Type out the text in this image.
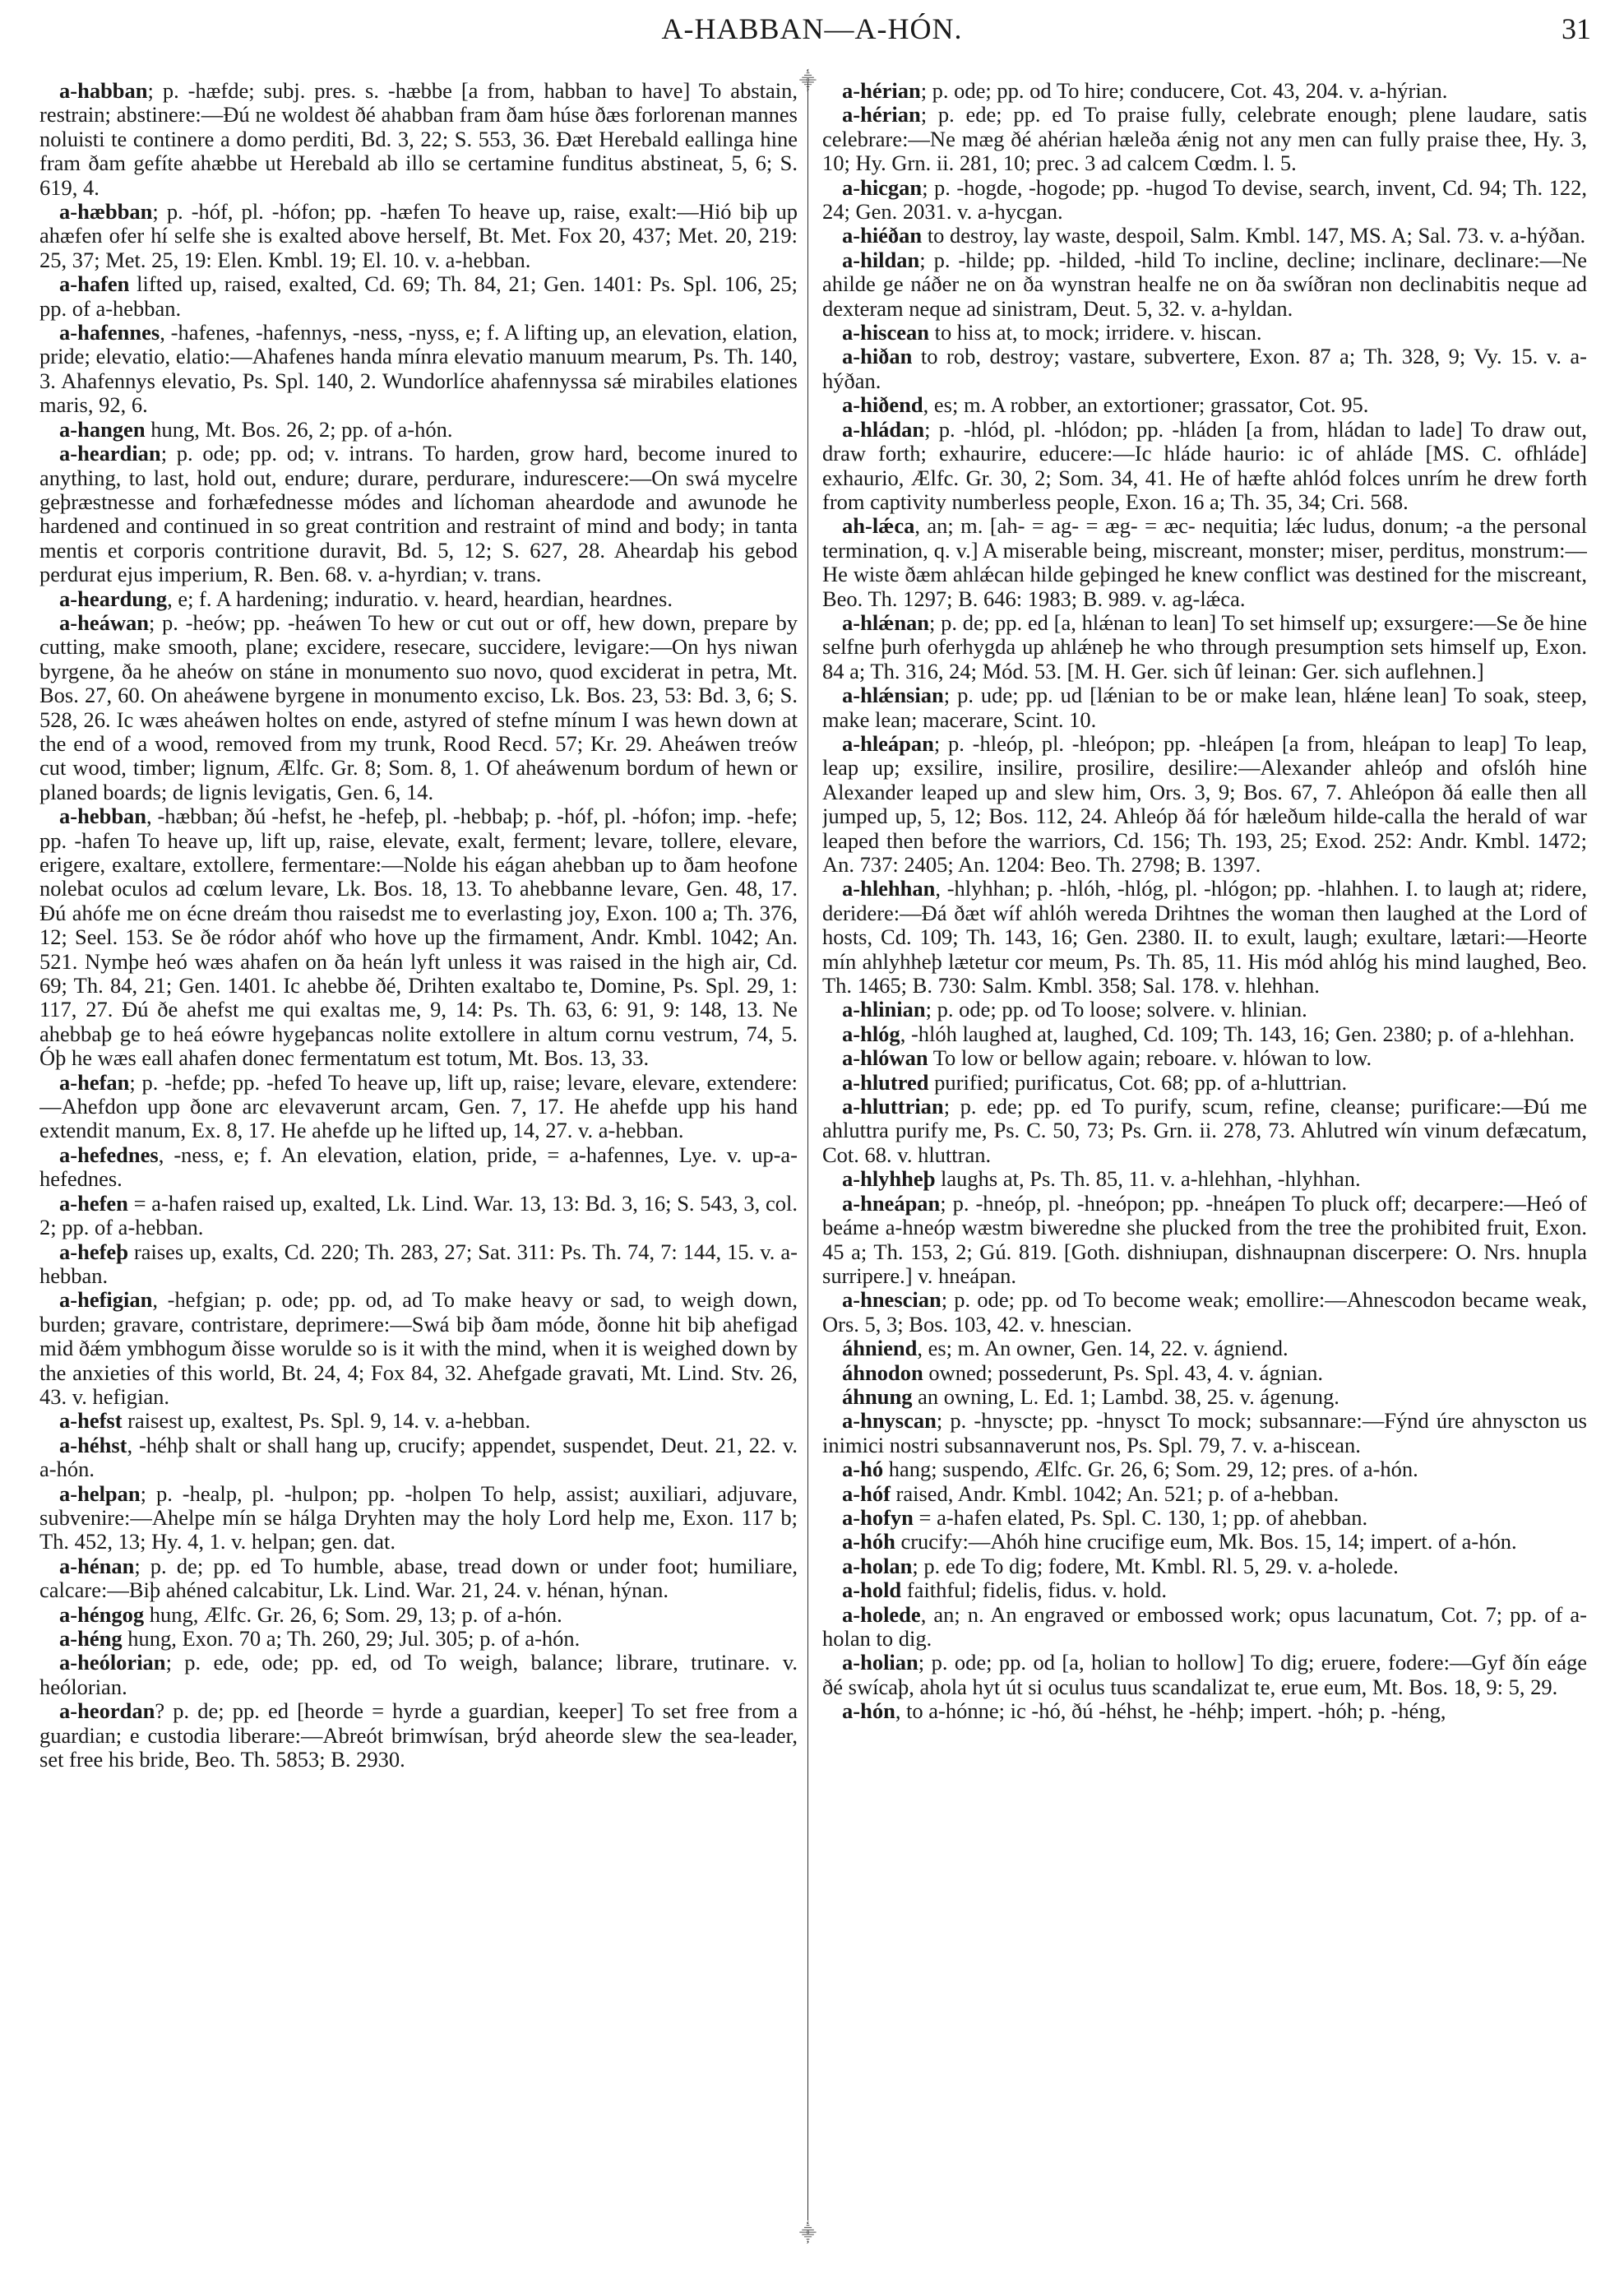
A-HABBAN—A-HÓN.	31

a-habban; p. -hæfde; subj. pres. s. -hæbbe [a from, habban to have] To abstain, restrain; abstinere:—Ðú ne woldest ðé ahabban fram ðam húse ðæs forlorenan mannes noluisti te continere a domo perditi, Bd. 3, 22; S. 553, 36. Ðæt Herebald eallinga hine fram ðam gefíte ahæbbe ut Herebald ab illo se certamine funditus abstineat, 5, 6; S. 619, 4.

a-hæbban; p. -hóf, pl. -hófon; pp. -hæfen To heave up, raise, exalt:—Hió biþ up ahæfen ofer hí selfe she is exalted above herself, Bt. Met. Fox 20, 437; Met. 20, 219: 25, 37; Met. 25, 19: Elen. Kmbl. 19; El. 10. v. a-hebban.

a-hafen lifted up, raised, exalted, Cd. 69; Th. 84, 21; Gen. 1401: Ps. Spl. 106, 25; pp. of a-hebban.

a-hafennes, -hafenes, -hafennys, -ness, -nyss, e; f. A lifting up, an elevation, elation, pride; elevatio, elatio:—Ahafenes handa mínra elevatio manuum mearum, Ps. Th. 140, 3. Ahafennys elevatio, Ps. Spl. 140, 2. Wundorlíce ahafennyssa sǽ mirabiles elationes maris, 92, 6.

a-hangen hung, Mt. Bos. 26, 2; pp. of a-hón.

a-heardian; p. ode; pp. od; v. intrans. To harden, grow hard, become inured to anything, to last, hold out, endure; durare, perdurare, indurescere:—On swá mycelre geþræstnesse and forhæfednesse módes and líchoman aheardode and awunode he hardened and continued in so great contrition and restraint of mind and body; in tanta mentis et corporis contritione duravit, Bd. 5, 12; S. 627, 28. Aheardaþ his gebod perdurat ejus imperium, R. Ben. 68. v. a-hyrdian; v. trans.

a-heardung, e; f. A hardening; induratio. v. heard, heardian, heardnes.

a-heáwan; p. -heów; pp. -heáwen To hew or cut out or off, hew down, prepare by cutting, make smooth, plane; excidere, resecare, succidere, levigare:—On hys niwan byrgene, ða he aheów on stáne in monumento suo novo, quod exciderat in petra, Mt. Bos. 27, 60. On aheáwene byrgene in monumento exciso, Lk. Bos. 23, 53: Bd. 3, 6; S. 528, 26. Ic wæs aheáwen holtes on ende, astyred of stefne mínum I was hewn down at the end of a wood, removed from my trunk, Rood Recd. 57; Kr. 29. Aheáwen treów cut wood, timber; lignum, Ælfc. Gr. 8; Som. 8, 1. Of aheáwenum bordum of hewn or planed boards; de lignis levigatis, Gen. 6, 14.

a-hebban, -hæbban; ðú -hefst, he -hefeþ, pl. -hebbaþ; p. -hóf, pl. -hófon; imp. -hefe; pp. -hafen To heave up, lift up, raise, elevate, exalt, ferment; levare, tollere, elevare, erigere, exaltare, extollere, fermentare:—Nolde his eágan ahebban up to ðam heofone nolebat oculos ad cœlum levare, Lk. Bos. 18, 13. To ahebbanne levare, Gen. 48, 17. Ðú ahófe me on écne dreám thou raisedst me to everlasting joy, Exon. 100 a; Th. 376, 12; Seel. 153. Se ðe ródor ahóf who hove up the firmament, Andr. Kmbl. 1042; An. 521. Nymþe heó wæs ahafen on ða heán lyft unless it was raised in the high air, Cd. 69; Th. 84, 21; Gen. 1401. Ic ahebbe ðé, Drihten exaltabo te, Domine, Ps. Spl. 29, 1: 117, 27. Ðú ðe ahefst me qui exaltas me, 9, 14: Ps. Th. 63, 6: 91, 9: 148, 13. Ne ahebbaþ ge to heá eówre hygeþancas nolite extollere in altum cornu vestrum, 74, 5. Óþ he wæs eall ahafen donec fermentatum est totum, Mt. Bos. 13, 33.

a-hefan; p. -hefde; pp. -hefed To heave up, lift up, raise; levare, elevare, extendere:—Ahefdon upp ðone arc elevaverunt arcam, Gen. 7, 17. He ahefde upp his hand extendit manum, Ex. 8, 17. He ahefde up he lifted up, 14, 27. v. a-hebban.

a-hefednes, -ness, e; f. An elevation, elation, pride, = a-hafennes, Lye. v. up-a-hefednes.

a-hefen = a-hafen raised up, exalted, Lk. Lind. War. 13, 13: Bd. 3, 16; S. 543, 3, col. 2; pp. of a-hebban.

a-hefeþ raises up, exalts, Cd. 220; Th. 283, 27; Sat. 311: Ps. Th. 74, 7: 144, 15. v. a-hebban.

a-hefigian, -hefgian; p. ode; pp. od, ad To make heavy or sad, to weigh down, burden; gravare, contristare, deprimere:—Swá biþ ðam móde, ðonne hit biþ ahefigad mid ðǽm ymbhogum ðisse worulde so is it with the mind, when it is weighed down by the anxieties of this world, Bt. 24, 4; Fox 84, 32. Ahefgade gravati, Mt. Lind. Stv. 26, 43. v. hefigian.

a-hefst raisest up, exaltest, Ps. Spl. 9, 14. v. a-hebban.

a-héhst, -héhþ shalt or shall hang up, crucify; appendet, suspendet, Deut. 21, 22. v. a-hón.

a-helpan; p. -healp, pl. -hulpon; pp. -holpen To help, assist; auxiliari, adjuvare, subvenire:—Ahelpe mín se hálga Dryhten may the holy Lord help me, Exon. 117 b; Th. 452, 13; Hy. 4, 1. v. helpan; gen. dat.

a-hénan; p. de; pp. ed To humble, abase, tread down or under foot; humiliare, calcare:—Biþ ahéned calcabitur, Lk. Lind. War. 21, 24. v. hénan, hýnan.

a-héngog hung, Ælfc. Gr. 26, 6; Som. 29, 13; p. of a-hón.

a-héng hung, Exon. 70 a; Th. 260, 29; Jul. 305; p. of a-hón.

a-heólorian; p. ede, ode; pp. ed, od To weigh, balance; librare, trutinare. v. heólorian.

a-heordan? p. de; pp. ed [heorde = hyrde a guardian, keeper] To set free from a guardian; e custodia liberare:—Abreót brimwísan, brýd aheorde slew the sea-leader, set free his bride, Beo. Th. 5853; B. 2930.

⸎
⸎

a-hérian; p. ode; pp. od To hire; conducere, Cot. 43, 204. v. a-hýrian.

a-hérian; p. ede; pp. ed To praise fully, celebrate enough; plene laudare, satis celebrare:—Ne mæg ðé ahérian hæleða ǽnig not any men can fully praise thee, Hy. 3, 10; Hy. Grn. ii. 281, 10; prec. 3 ad calcem Cœdm. l. 5.

a-hicgan; p. -hogde, -hogode; pp. -hugod To devise, search, invent, Cd. 94; Th. 122, 24; Gen. 2031. v. a-hycgan.

a-hiéðan to destroy, lay waste, despoil, Salm. Kmbl. 147, MS. A; Sal. 73. v. a-hýðan.

a-hildan; p. -hilde; pp. -hilded, -hild To incline, decline; inclinare, declinare:—Ne ahilde ge náðer ne on ða wynstran healfe ne on ða swíðran non declinabitis neque ad dexteram neque ad sinistram, Deut. 5, 32. v. a-hyldan.

a-hiscean to hiss at, to mock; irridere. v. hiscan.

a-hiðan to rob, destroy; vastare, subvertere, Exon. 87 a; Th. 328, 9; Vy. 15. v. a-hýðan.

a-hiðend, es; m. A robber, an extortioner; grassator, Cot. 95.

a-hládan; p. -hlód, pl. -hlódon; pp. -hláden [a from, hládan to lade] To draw out, draw forth; exhaurire, educere:—Ic hláde haurio: ic of ahláde [MS. C. ofhláde] exhaurio, Ælfc. Gr. 30, 2; Som. 34, 41. He of hæfte ahlód folces unrím he drew forth from captivity numberless people, Exon. 16 a; Th. 35, 34; Cri. 568.

ah-lǽca, an; m. [ah- = ag- = æg- = æc- nequitia; lǽc ludus, donum; -a the personal termination, q. v.] A miserable being, miscreant, monster; miser, perditus, monstrum:—He wiste ðæm ahlǽcan hilde geþinged he knew conflict was destined for the miscreant, Beo. Th. 1297; B. 646: 1983; B. 989. v. ag-lǽca.

a-hlǽnan; p. de; pp. ed [a, hlǽnan to lean] To set himself up; exsurgere:—Se ðe hine selfne þurh oferhygda up ahlǽneþ he who through presumption sets himself up, Exon. 84 a; Th. 316, 24; Mód. 53. [M. H. Ger. sich ûf leinan: Ger. sich auflehnen.]

a-hlǽnsian; p. ude; pp. ud [lǽnian to be or make lean, hlǽne lean] To soak, steep, make lean; macerare, Scint. 10.

a-hleápan; p. -hleóp, pl. -hleópon; pp. -hleápen [a from, hleápan to leap] To leap, leap up; exsilire, insilire, prosilire, desilire:—Alexander ahleóp and ofslóh hine Alexander leaped up and slew him, Ors. 3, 9; Bos. 67, 7. Ahleópon ðá ealle then all jumped up, 5, 12; Bos. 112, 24. Ahleóp ðá fór hæleðum hilde-calla the herald of war leaped then before the warriors, Cd. 156; Th. 193, 25; Exod. 252: Andr. Kmbl. 1472; An. 737: 2405; An. 1204: Beo. Th. 2798; B. 1397.

a-hlehhan, -hlyhhan; p. -hlóh, -hlóg, pl. -hlógon; pp. -hlahhen. I. to laugh at; ridere, deridere:—Ðá ðæt wíf ahlóh wereda Drihtnes the woman then laughed at the Lord of hosts, Cd. 109; Th. 143, 16; Gen. 2380. II. to exult, laugh; exultare, lætari:—Heorte mín ahlyhheþ lætetur cor meum, Ps. Th. 85, 11. His mód ahlóg his mind laughed, Beo. Th. 1465; B. 730: Salm. Kmbl. 358; Sal. 178. v. hlehhan.

a-hlinian; p. ode; pp. od To loose; solvere. v. hlinian.

a-hlóg, -hlóh laughed at, laughed, Cd. 109; Th. 143, 16; Gen. 2380; p. of a-hlehhan.

a-hlówan To low or bellow again; reboare. v. hlówan to low.

a-hlutred purified; purificatus, Cot. 68; pp. of a-hluttrian.

a-hluttrian; p. ede; pp. ed To purify, scum, refine, cleanse; purificare:—Ðú me ahluttra purify me, Ps. C. 50, 73; Ps. Grn. ii. 278, 73. Ahlutred wín vinum defæcatum, Cot. 68. v. hluttran.

a-hlyhheþ laughs at, Ps. Th. 85, 11. v. a-hlehhan, -hlyhhan.

a-hneápan; p. -hneóp, pl. -hneópon; pp. -hneápen To pluck off; decarpere:—Heó of beáme a-hneóp wæstm biweredne she plucked from the tree the prohibited fruit, Exon. 45 a; Th. 153, 2; Gú. 819. [Goth. dishniupan, dishnaupnan discerpere: O. Nrs. hnupla surripere.] v. hneápan.

a-hnescian; p. ode; pp. od To become weak; emollire:—Ahnescodon became weak, Ors. 5, 3; Bos. 103, 42. v. hnescian.

áhniend, es; m. An owner, Gen. 14, 22. v. ágniend.

áhnodon owned; possederunt, Ps. Spl. 43, 4. v. ágnian.

áhnung an owning, L. Ed. 1; Lambd. 38, 25. v. ágenung.

a-hnyscan; p. -hnyscte; pp. -hnysct To mock; subsannare:—Fýnd úre ahnyscton us inimici nostri subsannaverunt nos, Ps. Spl. 79, 7. v. a-hiscean.

a-hó hang; suspendo, Ælfc. Gr. 26, 6; Som. 29, 12; pres. of a-hón.

a-hóf raised, Andr. Kmbl. 1042; An. 521; p. of a-hebban.

a-hofyn = a-hafen elated, Ps. Spl. C. 130, 1; pp. of ahebban.

a-hóh crucify:—Ahóh hine crucifige eum, Mk. Bos. 15, 14; impert. of a-hón.

a-holan; p. ede To dig; fodere, Mt. Kmbl. Rl. 5, 29. v. a-holede.

a-hold faithful; fidelis, fidus. v. hold.

a-holede, an; n. An engraved or embossed work; opus lacunatum, Cot. 7; pp. of a-holan to dig.

a-holian; p. ode; pp. od [a, holian to hollow] To dig; eruere, fodere:—Gyf ðín eáge ðé swícaþ, ahola hyt út si oculus tuus scandalizat te, erue eum, Mt. Bos. 18, 9: 5, 29.

a-hón, to a-hónne; ic -hó, ðú -héhst, he -héhþ; impert. -hóh; p. -héng,
